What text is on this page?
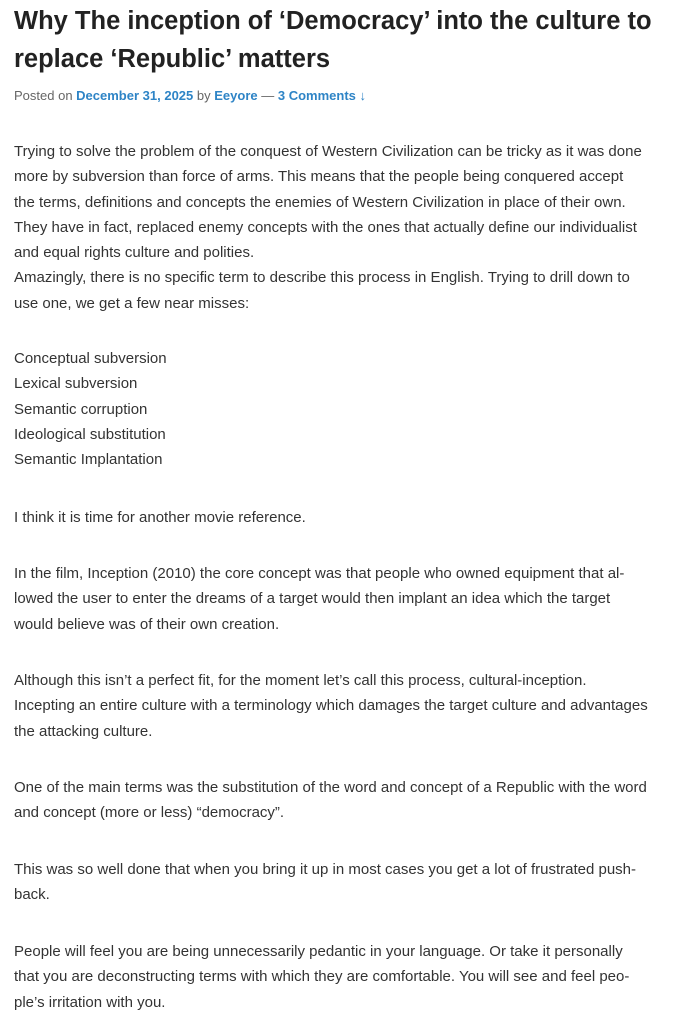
Why The inception of ‘Democracy’ into the culture to
replace ‘Republic’ matters
Posted on December 31, 2025 by Eeyore — 3 Comments ↓

Trying to solve the problem of the conquest of Western Civilization can be tricky as it was done
more by subversion than force of arms. This means that the people being conquered accept
the terms, definitions and concepts the enemies of Western Civilization in place of their own.
They have in fact, replaced enemy concepts with the ones that actually define our individualist
and equal rights culture and polities.
Amazingly, there is no specific term to describe this process in English. Trying to drill down to
use one, we get a few near misses:

Conceptual subversion
Lexical subversion
Semantic corruption
Ideological substitution
Semantic Implantation

I think it is time for another movie reference.

In the film, Inception (2010) the core concept was that people who owned equipment that al-
lowed the user to enter the dreams of a target would then implant an idea which the target
would believe was of their own creation.

Although this isn’t a perfect fit, for the moment let’s call this process, cultural-inception.
Incepting an entire culture with a terminology which damages the target culture and advantages
the attacking culture.

One of the main terms was the substitution of the word and concept of a Republic with the word
and concept (more or less) “democracy”.

This was so well done that when you bring it up in most cases you get a lot of frustrated push-
back.

People will feel you are being unnecessarily pedantic in your language. Or take it personally
that you are deconstructing terms with which they are comfortable. You will see and feel peo-
ple’s irritation with you.
